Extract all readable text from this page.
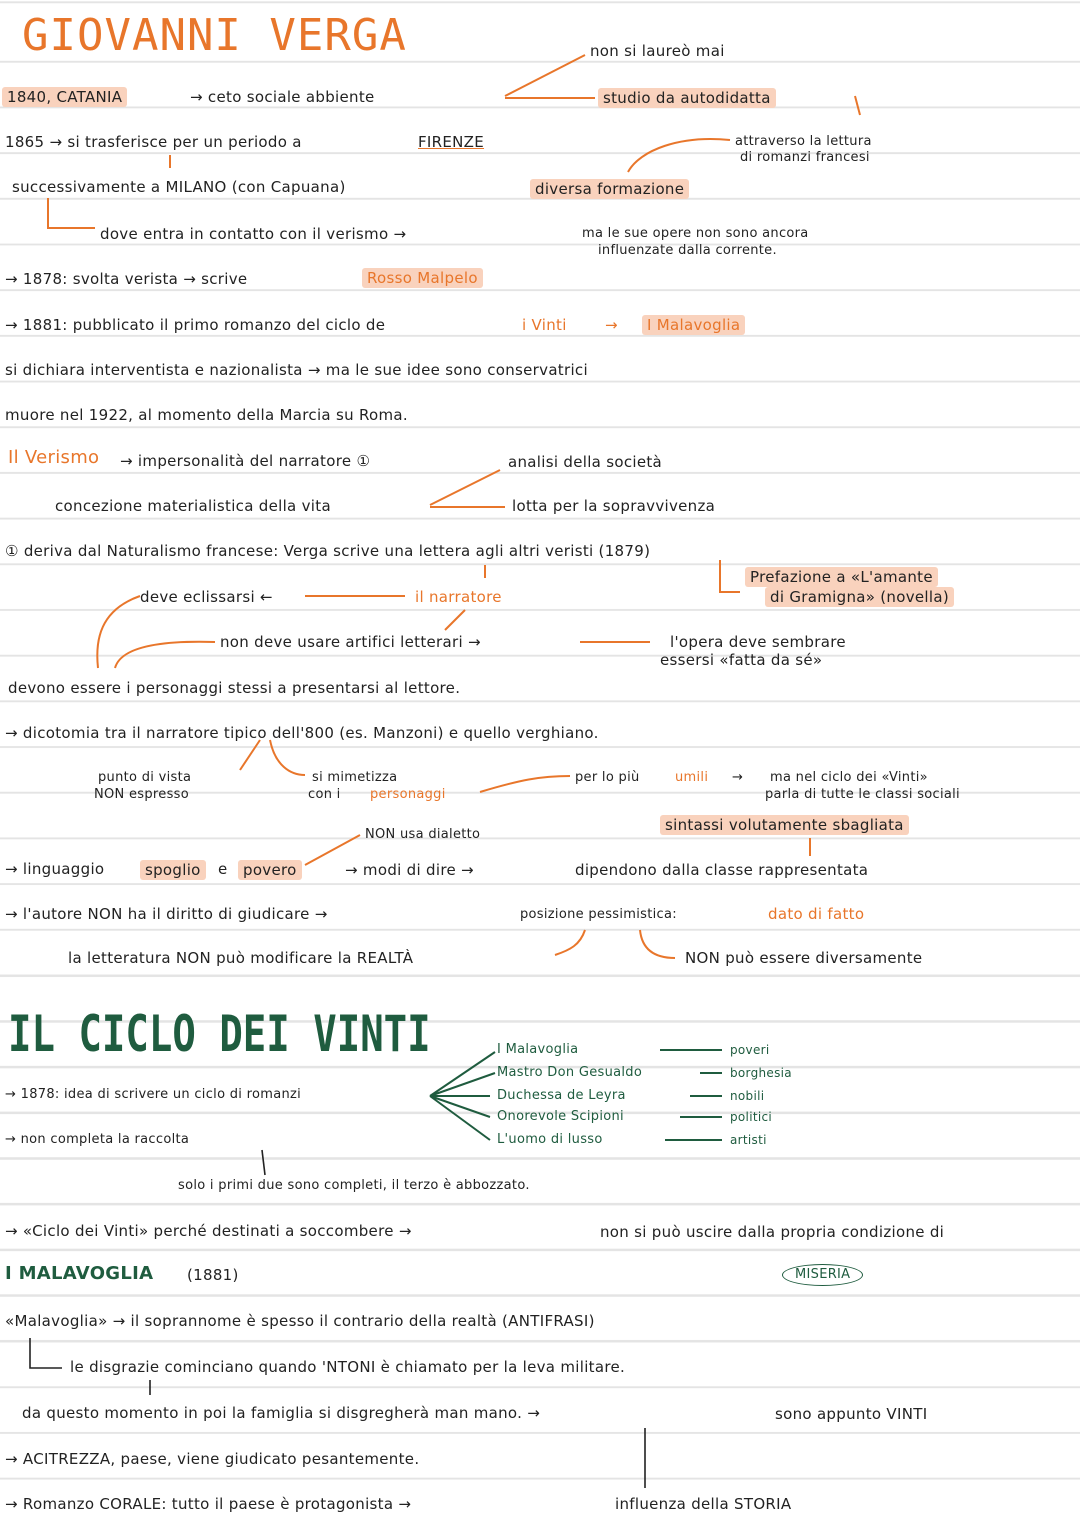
GIOVANNI VERGA	non si laureò mai
1840, CATANIA	→ ceto sociale abbiente	studio da autodidatta
1865 → si trasferisce per un periodo a	FIRENZE	attraverso la lettura
di romanzi francesi
successivamente a MILANO (con Capuana)	diversa formazione
dove entra in contatto con il verismo →	ma le sue opere non sono ancora
influenzate dalla corrente.
→ 1878: svolta verista → scrive	Rosso Malpelo
→ 1881: pubblicato il primo romanzo del ciclo de	i Vinti	→	I Malavoglia
si dichiara interventista e nazionalista → ma le sue idee sono conservatrici
muore nel 1922, al momento della Marcia su Roma.
Il Verismo → impersonalità del narratore ①	analisi della società
concezione materialistica della vita	lotta per la sopravvivenza
① deriva dal Naturalismo francese: Verga scrive una lettera agli altri veristi (1879)
Prefazione a «L'amante
di Gramigna» (novella)
deve eclissarsi ←	il narratore
non deve usare artifici letterari →	l'opera deve sembrare
essersi «fatta da sé»
devono essere i personaggi stessi a presentarsi al lettore.
→ dicotomia tra il narratore tipico dell'800 (es. Manzoni) e quello verghiano.
punto di vista
NON espresso
si mimetizza
con i personaggi
per lo più	umili → ma nel ciclo dei «Vinti»
parla di tutte le classi sociali
sintassi volutamente sbagliata
NON usa dialetto
→ linguaggio	spoglio	e	povero	→ modi di dire →	dipendono dalla classe rappresentata
→ l'autore NON ha il diritto di giudicare →	posizione pessimistica:	dato di fatto
la letteratura NON può modificare la REALTÀ	NON può essere diversamente
IL CICLO DEI VINTI	I Malavoglia
Mastro Don Gesualdo
Duchessa de Leyra
Onorevole Scipioni
L'uomo di lusso
poveri
borghesia
nobili
politici
artisti
→ 1878: idea di scrivere un ciclo di romanzi
→ non completa la raccolta
solo i primi due sono completi, il terzo è abbozzato.
→ «Ciclo dei Vinti» perché destinati a soccombere →	non si può uscire dalla propria condizione di
MISERIA
I MALAVOGLIA (1881)
«Malavoglia» → il soprannome è spesso il contrario della realtà (ANTIFRASI)
le disgrazie cominciano quando 'NTONI è chiamato per la leva militare.
da questo momento in poi la famiglia si disgregherà man mano. →	sono appunto VINTI
→ ACITREZZA, paese, viene giudicato pesantemente.
→ Romanzo CORALE: tutto il paese è protagonista →	influenza della STORIA
